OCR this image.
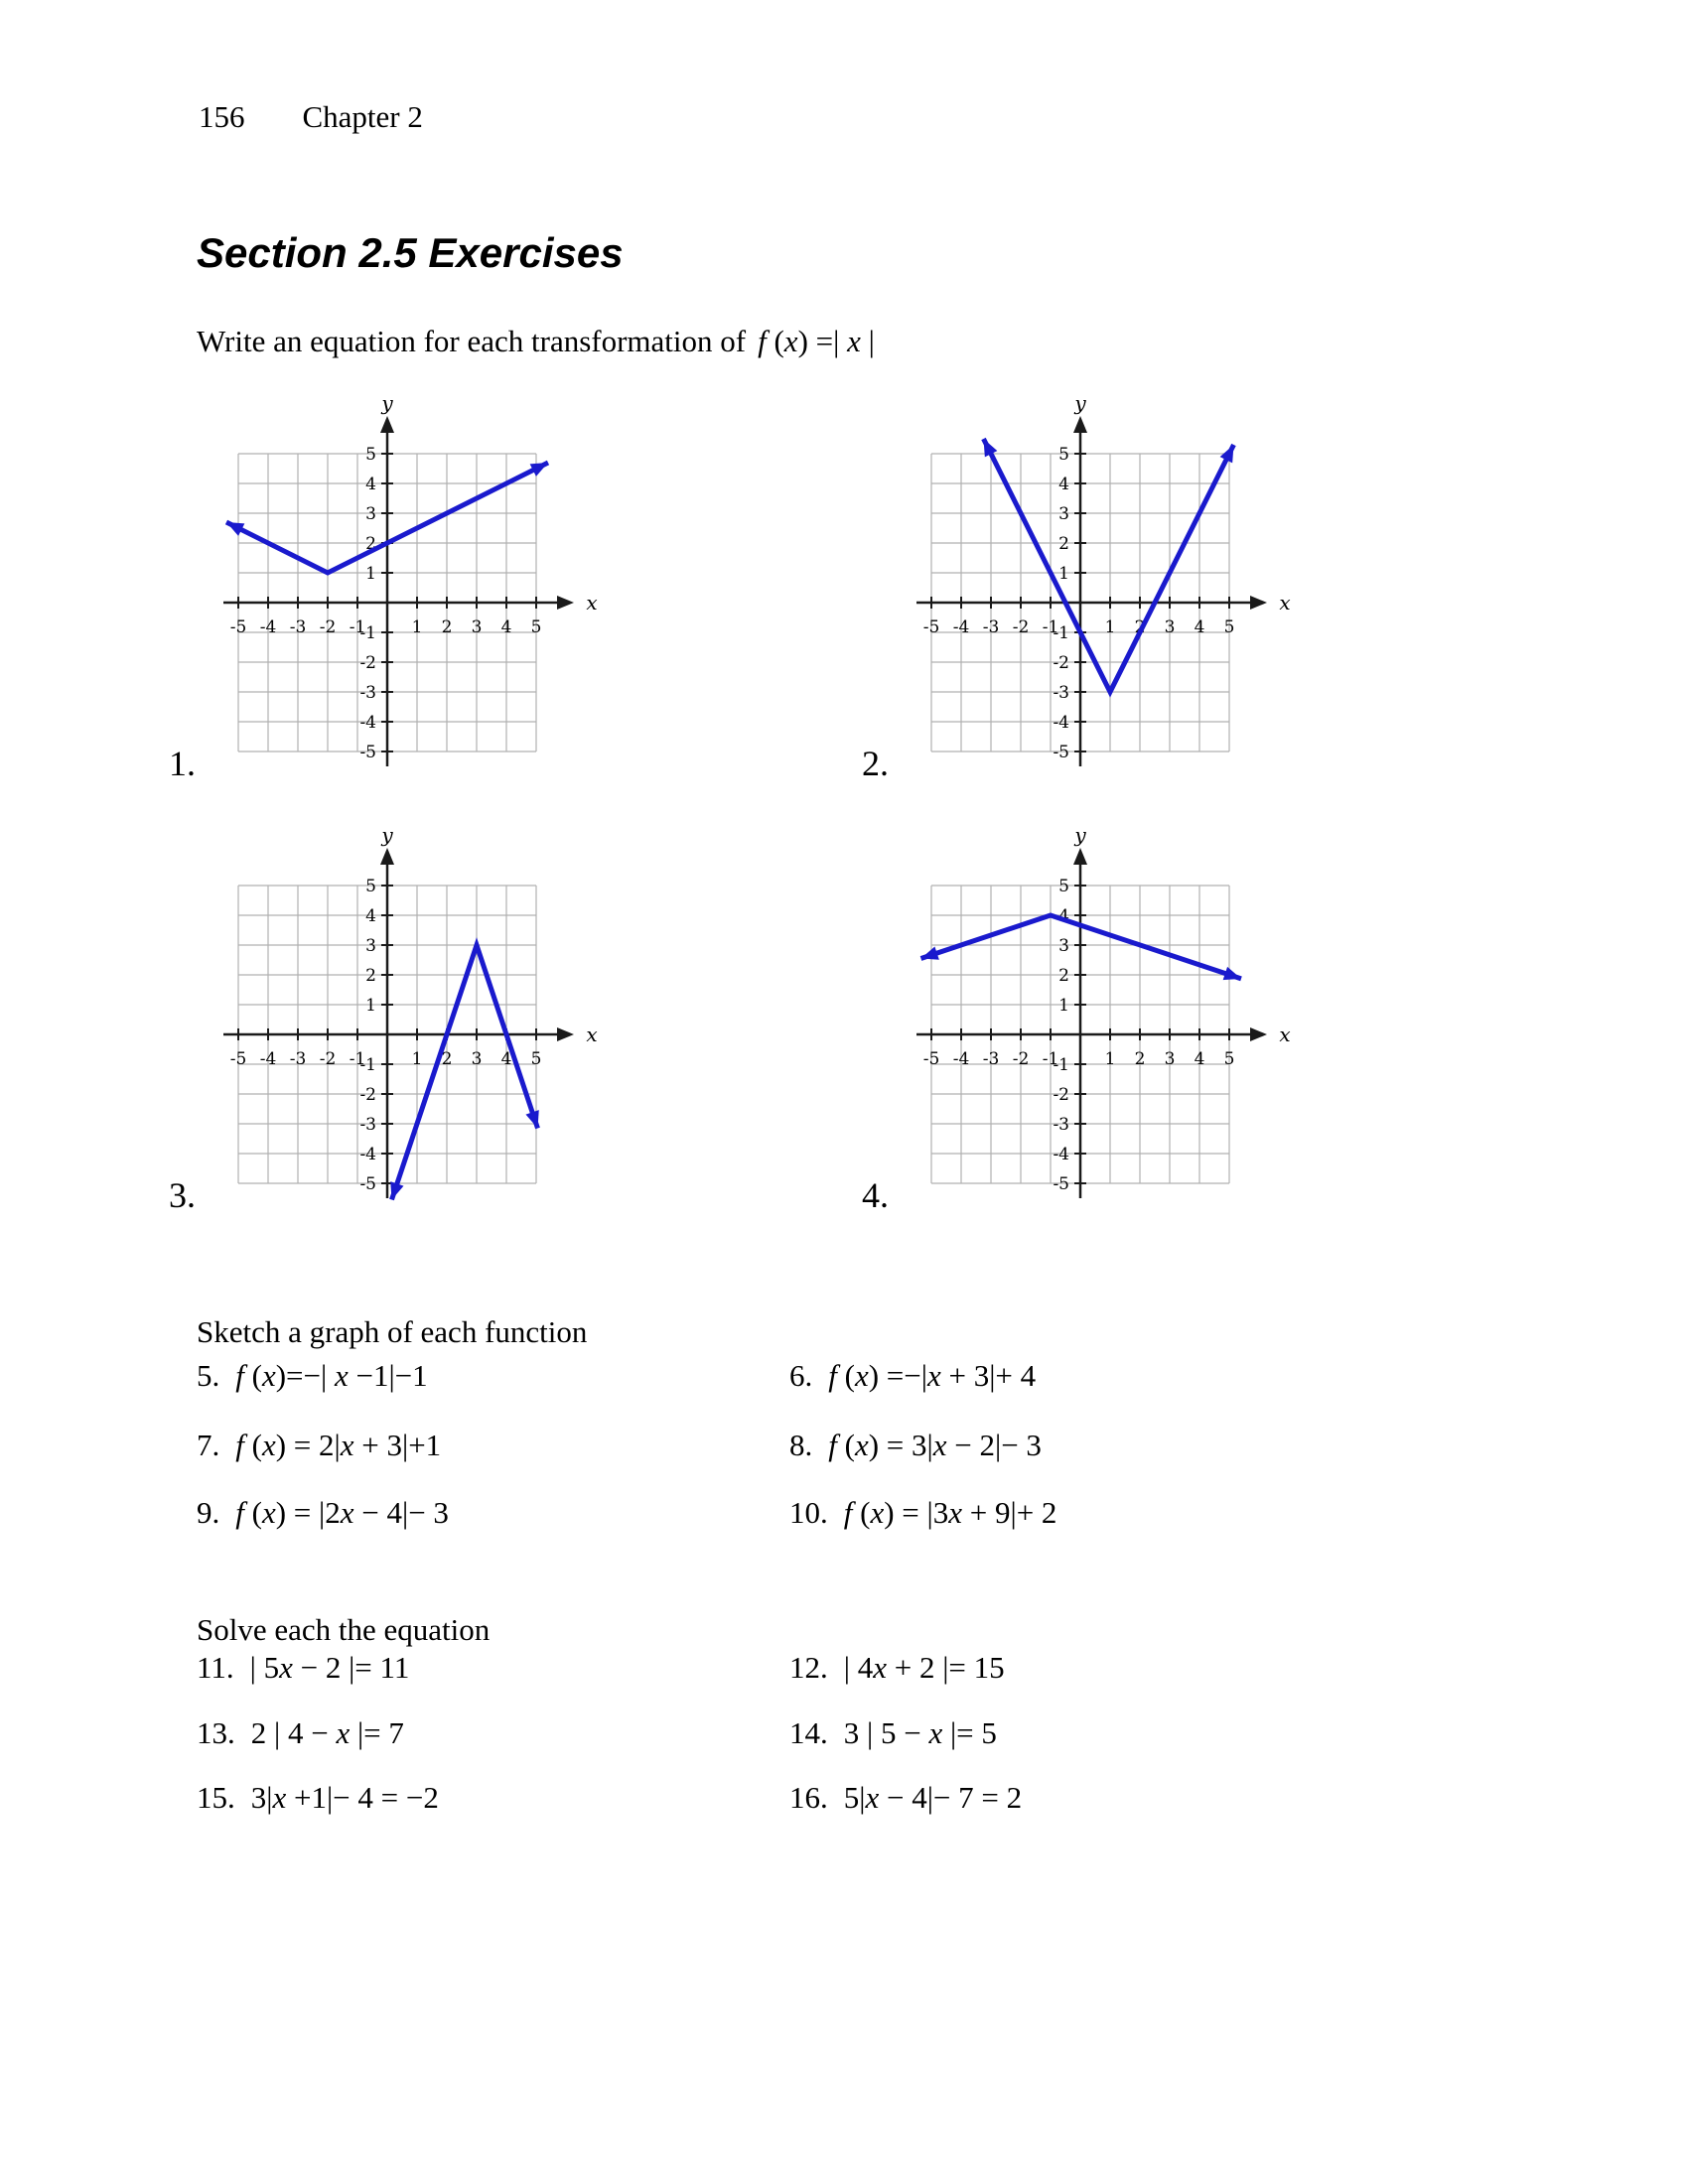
156 Chapter 2
Section 2.5 Exercises
Write an equation for each transformation of f (x) =| x |
1.
-5 -4 -3 -2 -1	1 2 3 4 5
-5
-4
-3
-2
-1
1
2
3
4
5
x
y
2.
-5 -4 -3 -2 -1	1 2 3 4 5
-5
-4
-3
-2
-1
1
2
3
4
5
x
y
3.
-5 -4 -3 -2 -1	1 2 3 4 5
-5
-4
-3
-2
-1
1
2
3
4
5
x
y
4.
-5 -4 -3 -2 -1	1 2 3 4 5
-5
-4
-3
-2
-1
1
2
3
4
5
x
y
Sketch a graph of each function
5. f (x)=−| x −1|−1	6. f (x) =−|x + 3|+ 4
7. f (x) = 2|x + 3|+1	8. f (x) = 3|x − 2|− 3
9. f (x) = |2x − 4|− 3	10. f (x) = |3x + 9|+ 2
Solve each the equation
11. | 5x − 2 |= 11	12. | 4x + 2 |= 15
13. 2 | 4 − x |= 7	14. 3 | 5 − x |= 5
15. 3|x +1|− 4 = −2	16. 5|x − 4|− 7 = 2
